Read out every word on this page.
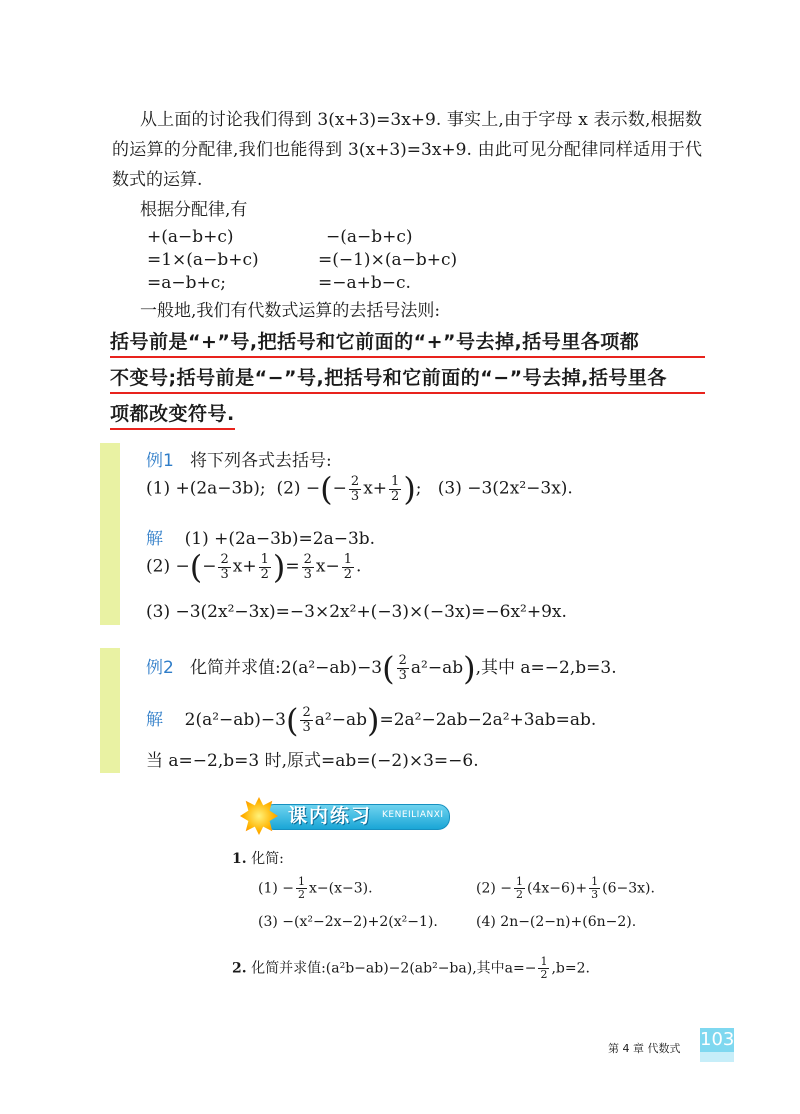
从上面的讨论我们得到 3(x+3)=3x+9. 事实上,由于字母 x 表示数,根据数的运算的分配律,我们也能得到 3(x+3)=3x+9. 由此可见分配律同样适用于代数式的运算.

根据分配律,有

+(a−b+c)
=1×(a−b+c)
=a−b+c;
−(a−b+c)
=(−1)×(a−b+c)
=−a+b−c.
一般地,我们有代数式运算的去括号法则:
括号前是“+”号,把括号和它前面的“+”号去掉,括号里各项都
不变号;括号前是“−”号,把括号和它前面的“−”号去掉,括号里各
项都改变符号.
例1 将下列各式去括号:
(1) +(2a−3b); (2) −(− $\frac{2}{3} x+ \frac{1}{2}$ ); (3) −3(2x²−3x).
解 (1) +(2a−3b)=2a−3b.
(2) −(− $\frac{2}{3} x+ \frac{1}{2}$ )= $\frac{2}{3} x- \frac{1}{2}$ .
(3) −3(2x²−3x)=−3×2x²+(−3)×(−3x)=−6x²+9x.
例2 化简并求值:2(a²−ab)−3( $\frac{2}{3} a^2-ab$),其中 a=−2,b=3.
解 $2(a^2-ab)-3( \frac{2}{3} a^2-ab)=2a^2-2ab-2a^2+3ab=ab$.
当 a=−2,b=3 时,原式=ab=(−2)×3=−6.
课内练习 KENEILIANXI
1. 化简:
$(1) - \frac{1}{2} x-(x-3)$.	$(2) - \frac{1}{2} (4x-6)+ \frac{1}{3} (6-3x)$.
(3) −(x²−2x−2)+2(x²−1).	(4) 2n−(2−n)+(6n−2).
2. 化简并求值:(a²b−ab)−2(ab²−ba),其中$a=- \frac{1}{2} ,b=2$.
第 4 章 代数式 103
